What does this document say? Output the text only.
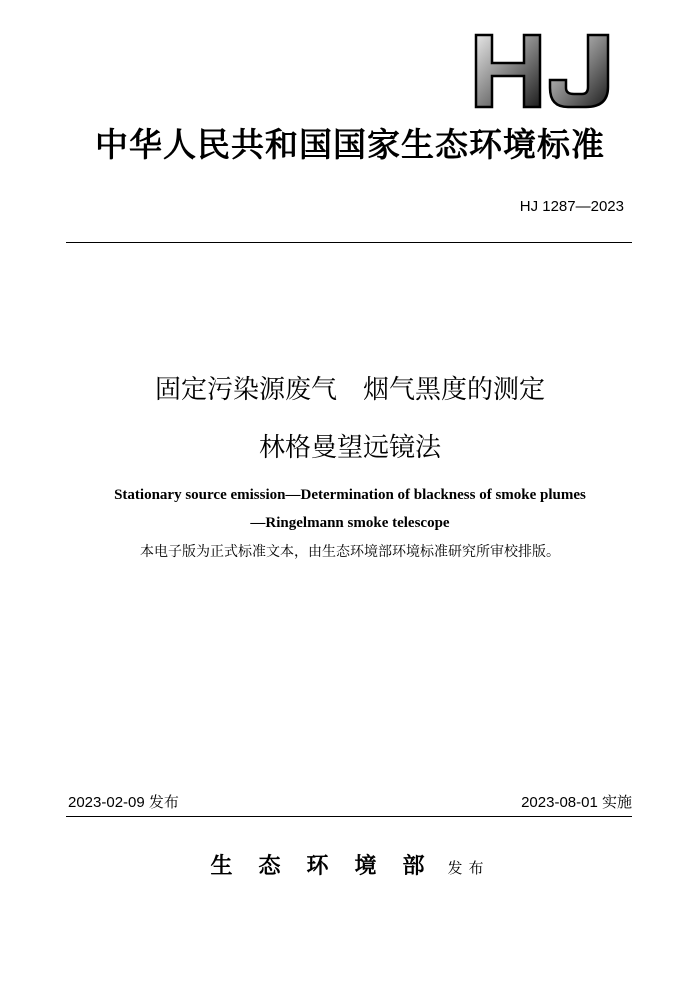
中华人民共和国国家生态环境标准
HJ 1287—2023
固定污染源废气　烟气黑度的测定
林格曼望远镜法
Stationary source emission—Determination of blackness of smoke plumes
—Ringelmann smoke telescope
本电子版为正式标准文本，由生态环境部环境标准研究所审校排版。
2023-02-09 发布	2023-08-01 实施
生态环境部 发布
